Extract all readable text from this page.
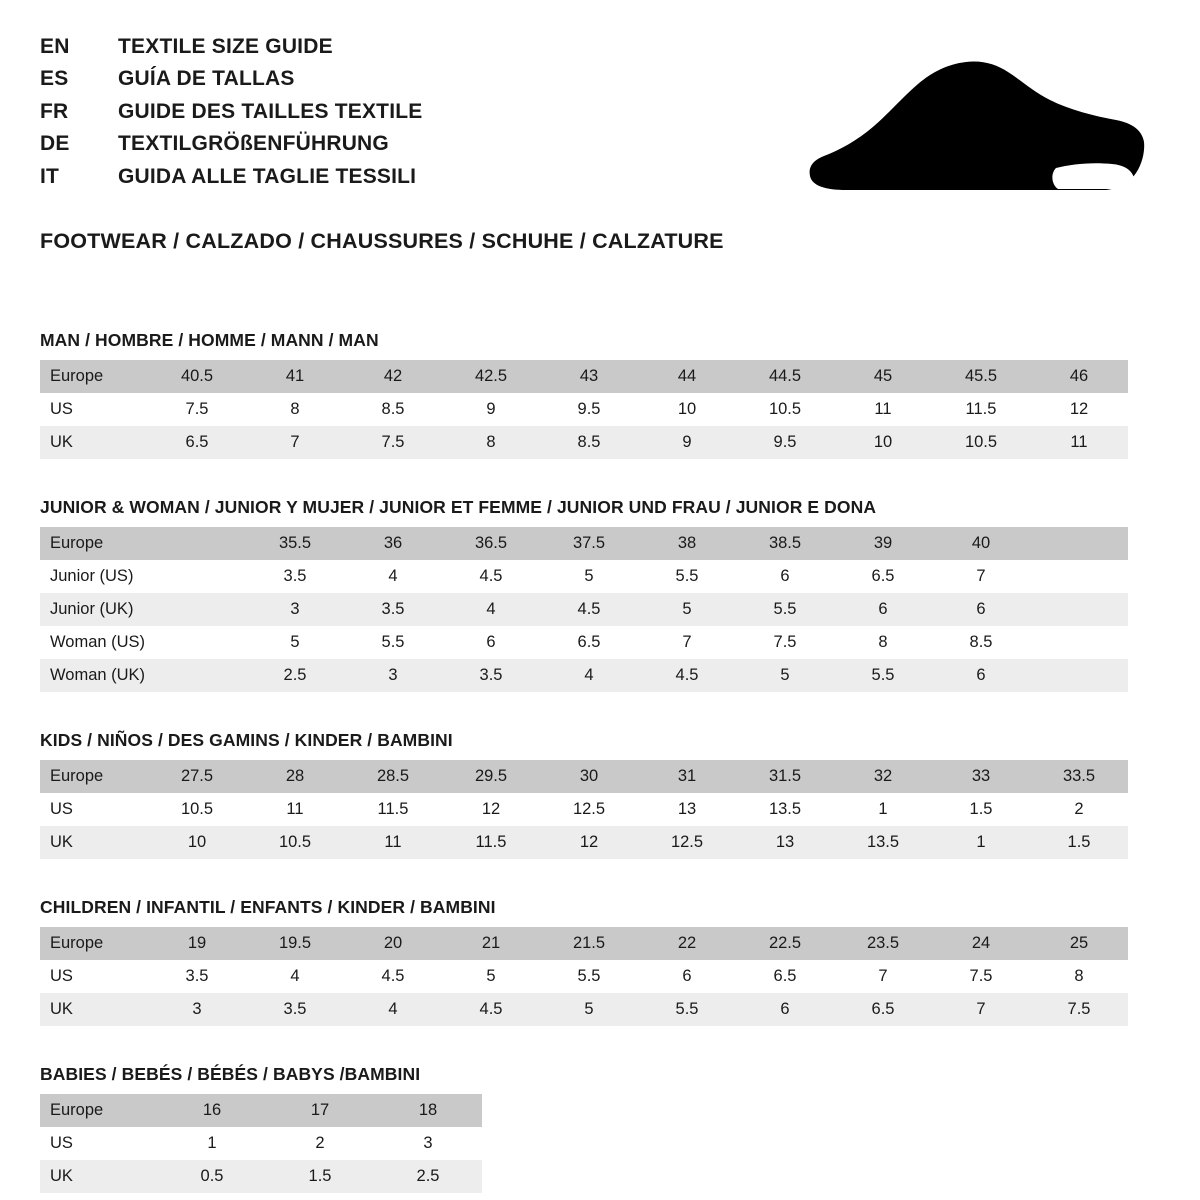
EN	TEXTILE SIZE GUIDE
ES	GUÍA DE TALLAS
FR	GUIDE DES TAILLES TEXTILE
DE	TEXTILGRÖßENFÜHRUNG
IT	GUIDA ALLE TAGLIE TESSILI
FOOTWEAR / CALZADO / CHAUSSURES / SCHUHE / CALZATURE
MAN / HOMBRE / HOMME / MANN / MAN
Europe	40.5	41	42	42.5	43	44	44.5	45	45.5	46
US	7.5	8	8.5	9	9.5	10	10.5	11	11.5	12
UK	6.5	7	7.5	8	8.5	9	9.5	10	10.5	11
JUNIOR & WOMAN / JUNIOR Y MUJER / JUNIOR ET FEMME / JUNIOR UND FRAU / JUNIOR E DONA
Europe		35.5	36	36.5	37.5	38	38.5	39	40	
Junior (US)		3.5	4	4.5	5	5.5	6	6.5	7	
Junior (UK)		3	3.5	4	4.5	5	5.5	6	6	
Woman (US)		5	5.5	6	6.5	7	7.5	8	8.5	
Woman (UK)		2.5	3	3.5	4	4.5	5	5.5	6	
KIDS / NIÑOS / DES GAMINS / KINDER / BAMBINI
Europe	27.5	28	28.5	29.5	30	31	31.5	32	33	33.5
US	10.5	11	11.5	12	12.5	13	13.5	1	1.5	2
UK	10	10.5	11	11.5	12	12.5	13	13.5	1	1.5
CHILDREN / INFANTIL / ENFANTS / KINDER / BAMBINI
Europe	19	19.5	20	21	21.5	22	22.5	23.5	24	25
US	3.5	4	4.5	5	5.5	6	6.5	7	7.5	8
UK	3	3.5	4	4.5	5	5.5	6	6.5	7	7.5
BABIES / BEBÉS / BÉBÉS / BABYS /BAMBINI
Europe	16	17	18
US	1	2	3
UK	0.5	1.5	2.5
